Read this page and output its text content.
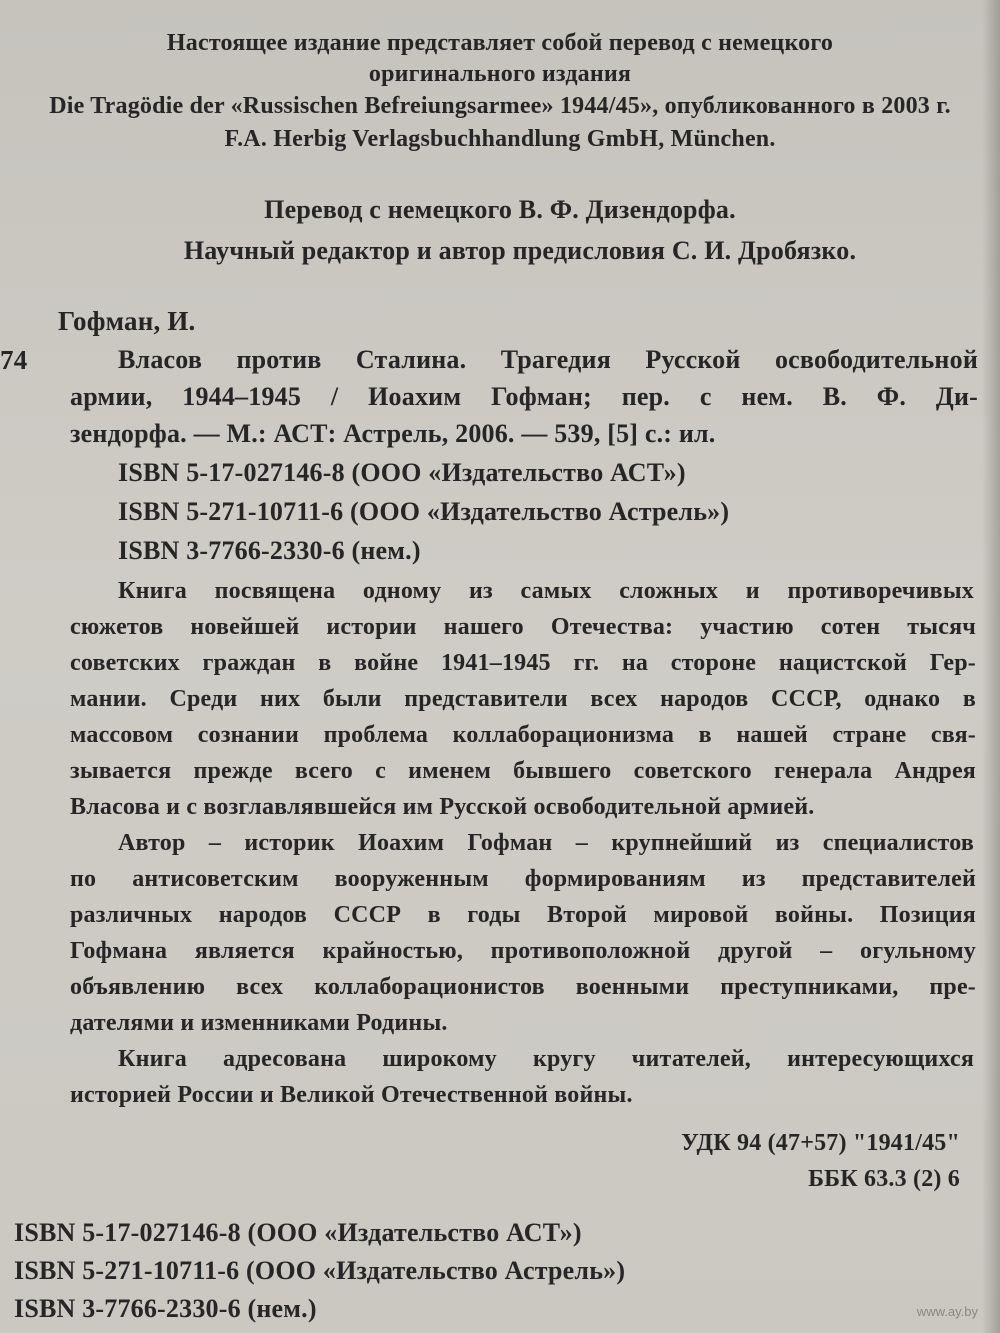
Настоящее издание представляет собой перевод с немецкого
оригинального издания
Die Tragödie der «Russischen Befreiungsarmee» 1944/45», опубликованного в 2003 г.
F.A. Herbig Verlagsbuchhandlung GmbH, München.
Перевод с немецкого В. Ф. Дизендорфа.
Научный редактор и автор предисловия С. И. Дробязко.
Гофман, И.
74	Власов против Сталина. Трагедия Русской освободительной
армии, 1944–1945 / Иоахим Гофман; пер. с нем. В. Ф. Ди-
зендорфа. — М.: АСТ: Астрель, 2006. — 539, [5] с.: ил.
ISBN 5-17-027146-8 (ООО «Издательство АСТ»)
ISBN 5-271-10711-6 (ООО «Издательство Астрель»)
ISBN 3-7766-2330-6 (нем.)
Книга посвящена одному из самых сложных и противоречивых
сюжетов новейшей истории нашего Отечества: участию сотен тысяч
советских граждан в войне 1941–1945 гг. на стороне нацистской Гер-
мании. Среди них были представители всех народов СССР, однако в
массовом сознании проблема коллаборационизма в нашей стране свя-
зывается прежде всего с именем бывшего советского генерала Андрея
Власова и с возглавлявшейся им Русской освободительной армией.
Автор – историк Иоахим Гофман – крупнейший из специалистов
по антисоветским вооруженным формированиям из представителей
различных народов СССР в годы Второй мировой войны. Позиция
Гофмана является крайностью, противоположной другой – огульному
объявлению всех коллаборационистов военными преступниками, пре-
дателями и изменниками Родины.
Книга адресована широкому кругу читателей, интересующихся
историей России и Великой Отечественной войны.
УДК 94 (47+57) "1941/45"
ББК 63.3 (2) 6
ISBN 5-17-027146-8 (ООО «Издательство АСТ»)
ISBN 5-271-10711-6 (ООО «Издательство Астрель»)
ISBN 3-7766-2330-6 (нем.)	www.ay.by
